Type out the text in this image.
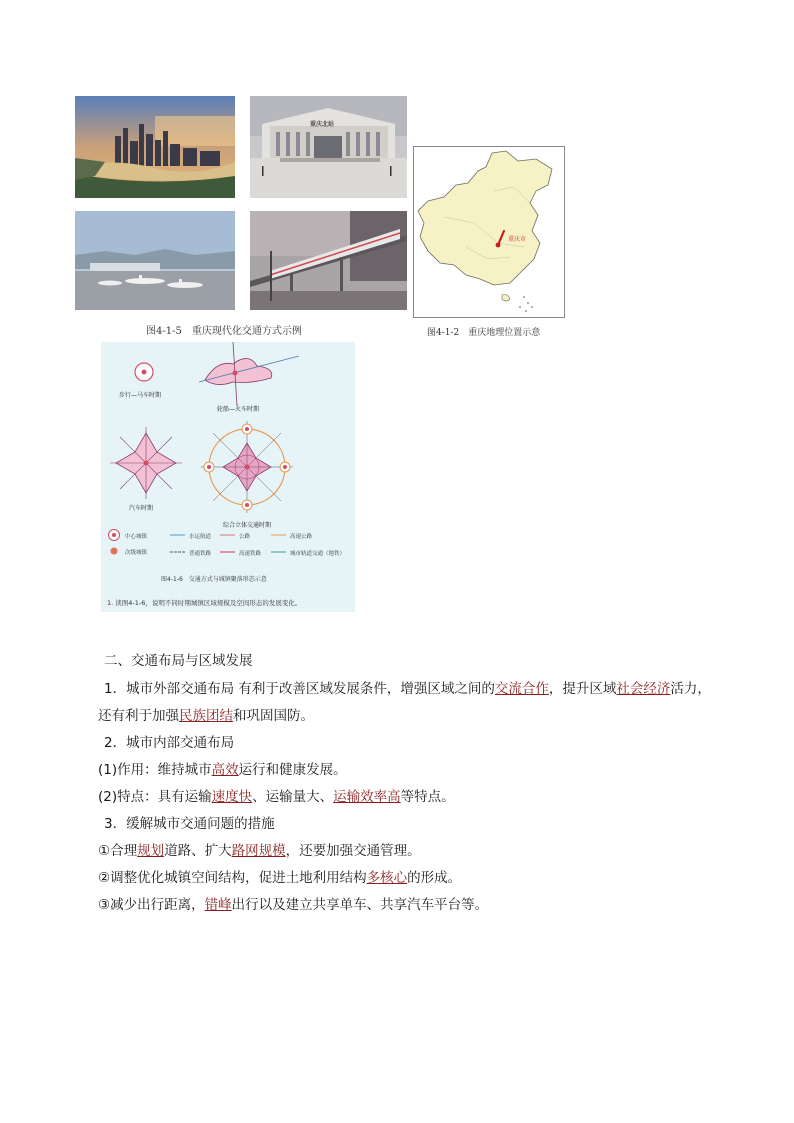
重庆北站
图4-1-5　重庆现代化交通方式示例
重庆市
图4-1-2　重庆地理位置示意
步行—马车时期
轮船—火车时期
汽车时期
综合立体交通时期
中心城镇
次级城镇
水运航道	公路	高速公路
普通铁路	高速铁路	城市轨道交通（地铁）
图4-1-6　交通方式与城镇聚落形态示意
1. 读图4-1-6，说明不同时期城镇区域规模及空间形态的发展变化。
二、交通布局与区域发展
1．城市外部交通布局 有利于改善区域发展条件，增强区域之间的交流合作，提升区域社会经济活力，
还有利于加强民族团结和巩固国防。
2．城市内部交通布局
(1)作用：维持城市高效运行和健康发展。
(2)特点：具有运输速度快、运输量大、运输效率高等特点。
3．缓解城市交通问题的措施
①合理规划道路、扩大路网规模，还要加强交通管理。
②调整优化城镇空间结构，促进土地利用结构多核心的形成。
③减少出行距离，错峰出行以及建立共享单车、共享汽车平台等。
